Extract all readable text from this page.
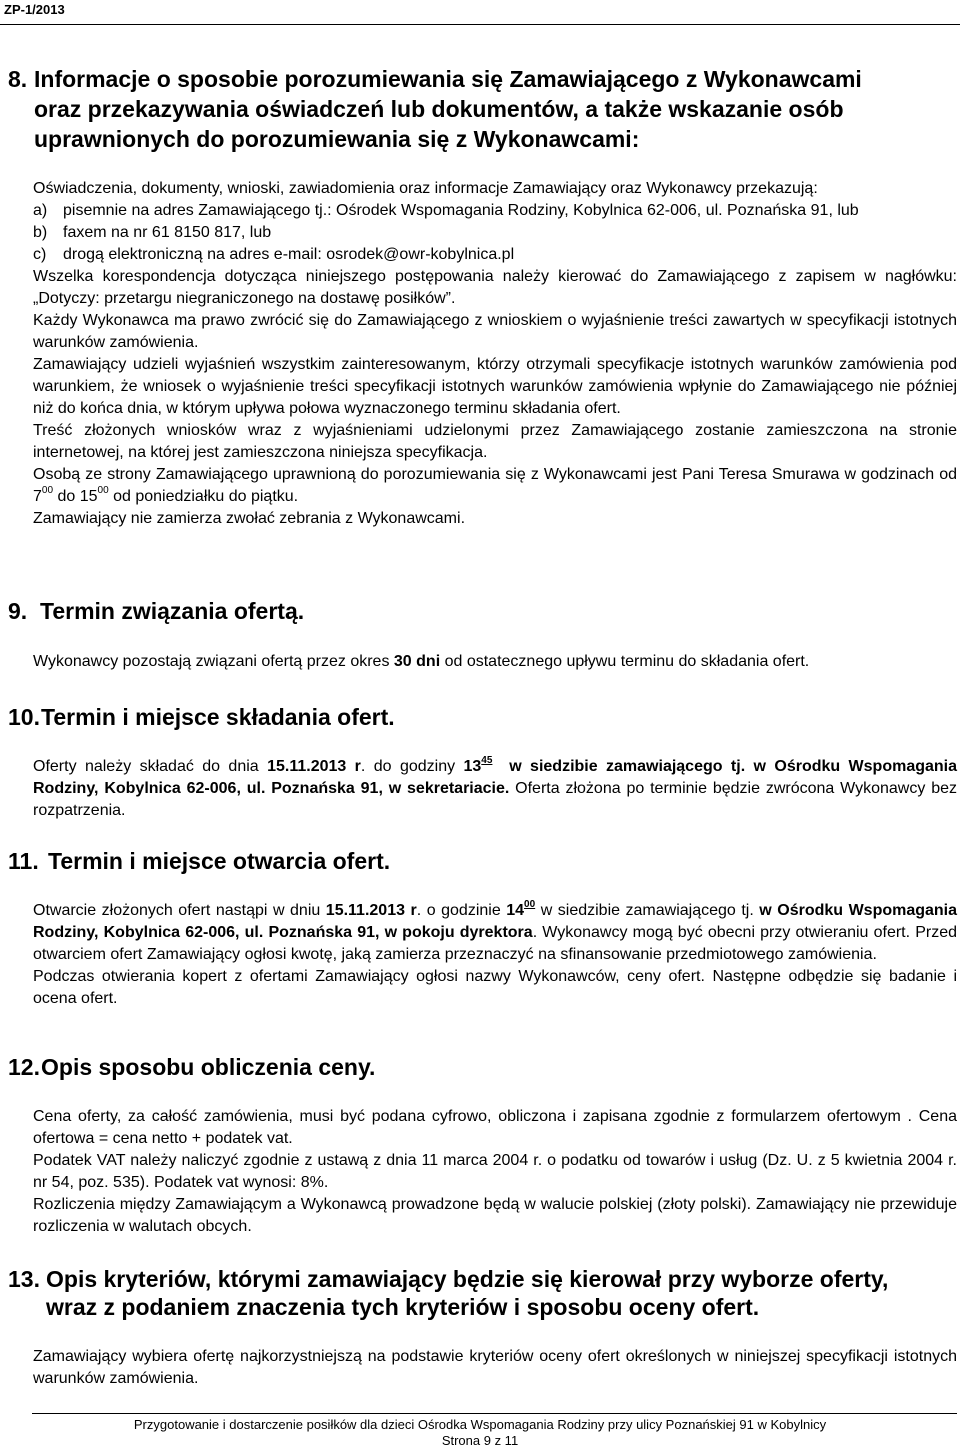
ZP-1/2013
8. Informacje o sposobie porozumiewania się Zamawiającego z Wykonawcami
oraz przekazywania oświadczeń lub dokumentów, a także wskazanie osób
uprawnionych do porozumiewania się z Wykonawcami:

Oświadczenia, dokumenty, wnioski, zawiadomienia oraz informacje Zamawiający oraz Wykonawcy przekazują:

a) pisemnie na adres Zamawiającego tj.: Ośrodek Wspomagania Rodziny, Kobylnica 62-006, ul. Poznańska 91, lub
b) faxem na nr 61 8150 817, lub
c)	drogą elektroniczną na adres e-mail: osrodek@owr-kobylnica.pl

Wszelka korespondencja dotycząca niniejszego postępowania należy kierować do Zamawiającego z zapisem w nagłówku: „Dotyczy: przetargu niegraniczonego na dostawę posiłków”.

Każdy Wykonawca ma prawo zwrócić się do Zamawiającego z wnioskiem o wyjaśnienie treści zawartych w specyfikacji istotnych warunków zamówienia.

Zamawiający udzieli wyjaśnień wszystkim zainteresowanym, którzy otrzymali specyfikacje istotnych warunków zamówienia pod warunkiem, że wniosek o wyjaśnienie treści specyfikacji istotnych warunków zamówienia wpłynie do Zamawiającego nie później niż do końca dnia, w którym upływa połowa wyznaczonego terminu składania ofert.

Treść złożonych wniosków wraz z wyjaśnieniami udzielonymi przez Zamawiającego zostanie zamieszczona na stronie internetowej, na której jest zamieszczona niniejsza specyfikacja.

Osobą ze strony Zamawiającego uprawnioną do porozumiewania się z Wykonawcami jest Pani Teresa Smurawa w godzinach od $7^{00}$ do $15^{00}$ od poniedziałku do piątku.

Zamawiający nie zamierza zwołać zebrania z Wykonawcami.

9. Termin związania ofertą.

Wykonawcy pozostają związani ofertą przez okres 30 dni od ostatecznego upływu terminu do składania ofert.

10.Termin i miejsce składania ofert.

Oferty należy składać do dnia 15.11.2013 r. do godziny $13^{45}$ w siedzibie zamawiającego tj. w Ośrodku Wspomagania Rodziny, Kobylnica 62-006, ul. Poznańska 91, w sekretariacie. Oferta złożona po terminie będzie zwrócona Wykonawcy bez rozpatrzenia.

11. Termin i miejsce otwarcia ofert.

Otwarcie złożonych ofert nastąpi w dniu 15.11.2013 r. o godzinie $14^{00}$ w siedzibie zamawiającego tj. w Ośrodku Wspomagania Rodziny, Kobylnica 62-006, ul. Poznańska 91, w pokoju dyrektora. Wykonawcy mogą być obecni przy otwieraniu ofert. Przed otwarciem ofert Zamawiający ogłosi kwotę, jaką zamierza przeznaczyć na sfinansowanie przedmiotowego zamówienia.

Podczas otwierania kopert z ofertami Zamawiający ogłosi nazwy Wykonawców, ceny ofert. Następne odbędzie się badanie i ocena ofert.

12.Opis sposobu obliczenia ceny.

Cena oferty, za całość zamówienia, musi być podana cyfrowo, obliczona i zapisana zgodnie z formularzem ofertowym . Cena ofertowa = cena netto + podatek vat.

Podatek VAT należy naliczyć zgodnie z ustawą z dnia 11 marca 2004 r. o podatku od towarów i usług (Dz. U. z 5 kwietnia 2004 r. nr 54, poz. 535). Podatek vat wynosi: 8%.

Rozliczenia między Zamawiającym a Wykonawcą prowadzone będą w walucie polskiej (złoty polski). Zamawiający nie przewiduje rozliczenia w walutach obcych.

13. Opis kryteriów, którymi zamawiający będzie się kierował przy wyborze oferty,
wraz z podaniem znaczenia tych kryteriów i sposobu oceny ofert.

Zamawiający wybiera ofertę najkorzystniejszą na podstawie kryteriów oceny ofert określonych w niniejszej specyfikacji istotnych warunków zamówienia.

Przygotowanie i dostarczenie posiłków dla dzieci Ośrodka Wspomagania Rodziny przy ulicy Poznańskiej 91 w Kobylnicy
Strona 9 z 11
